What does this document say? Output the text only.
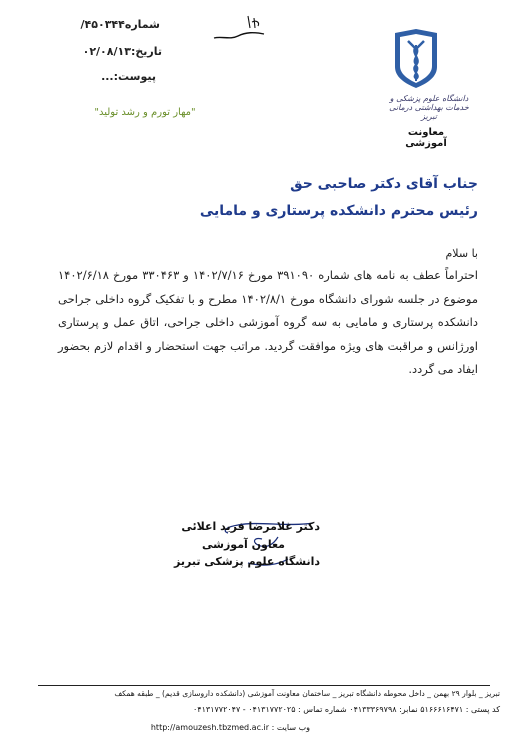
شماره۴۵۰۳۴۴/
تاریخ:۰۲/۰۸/۱۳
پیوست:...
"مهار تورم و رشد تولید"
دانشگاه علوم پزشکی و خدمات بهداشتی درمانی تبریز
معاونت آموزشی
جناب آقای دکتر صاحبی حق
رئیس محترم دانشکده پرستاری و مامایی
با سلام
احتراماً عطف به نامه های شماره ۳۹۱۰۹۰ مورخ ۱۴۰۲/۷/۱۶ و ۳۳۰۴۶۳ مورخ ۱۴۰۲/۶/۱۸ موضوع در جلسه شورای دانشگاه مورخ ۱۴۰۲/۸/۱ مطرح و با تفکیک گروه داخلی جراحی دانشکده پرستاری و مامایی به سه گروه آموزشی داخلی جراحی، اتاق عمل و پرستاری اورژانس و مراقبت های ویژه موافقت گردید. مراتب جهت استحضار و اقدام لازم بحضور ایفاد می گردد.
دکتر غلامرضا فرید اعلائی
معاون آموزشی
دانشگاه علوم پزشکی تبریز
تبریز _ بلوار ۲۹ بهمن _ داخل محوطه دانشگاه تبریز _ ساختمان معاونت آموزشی (دانشکده داروسازی قدیم) _ طبقه همکف
کد پستی : ۵۱۶۶۶۱۶۴۷۱ نمابر: ۰۴۱۳۳۳۶۹۷۹۸ شماره تماس : ۰۴۱۳۱۷۷۲۰۲۵ - ۰۴۱۳۱۷۷۲۰۴۷
وب سایت : http://amouzesh.tbzmed.ac.ir
